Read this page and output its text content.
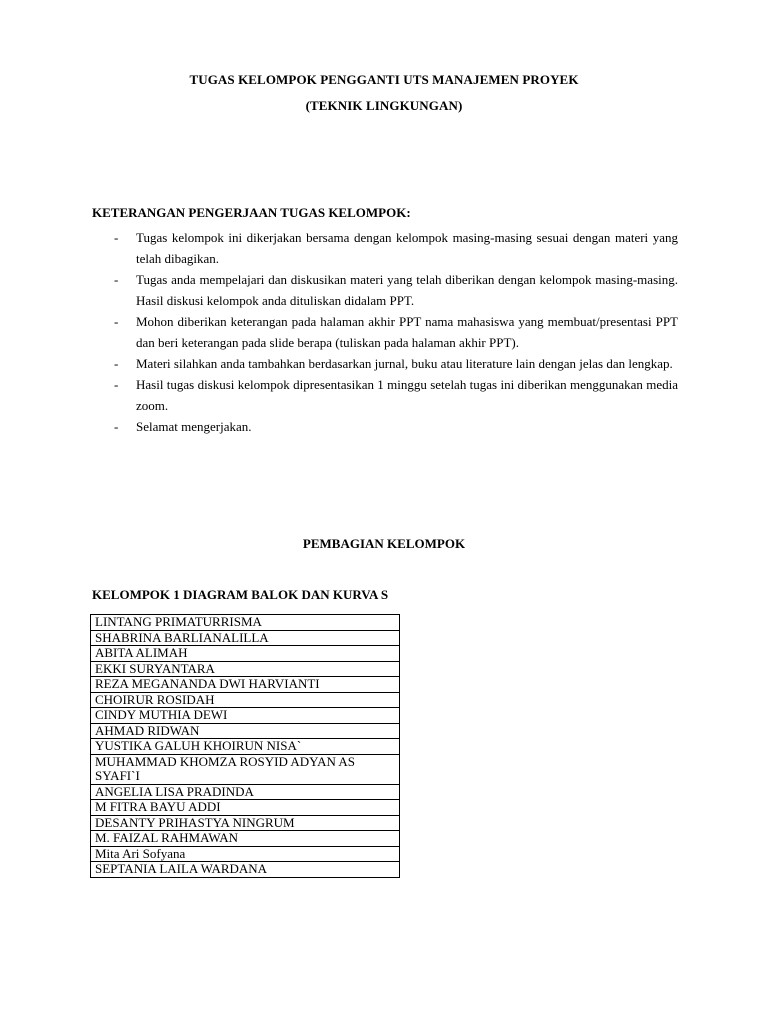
TUGAS KELOMPOK PENGGANTI UTS MANAJEMEN PROYEK
(TEKNIK LINGKUNGAN)
KETERANGAN PENGERJAAN TUGAS KELOMPOK:
- Tugas kelompok ini dikerjakan bersama dengan kelompok masing-masing sesuai dengan materi yang telah dibagikan.
- Tugas anda mempelajari dan diskusikan materi yang telah diberikan dengan kelompok masing-masing. Hasil diskusi kelompok anda dituliskan didalam PPT.
- Mohon diberikan keterangan pada halaman akhir PPT nama mahasiswa yang membuat/presentasi PPT dan beri keterangan pada slide berapa (tuliskan pada halaman akhir PPT).
- Materi silahkan anda tambahkan berdasarkan jurnal, buku atau literature lain dengan jelas dan lengkap.
- Hasil tugas diskusi kelompok dipresentasikan 1 minggu setelah tugas ini diberikan menggunakan media zoom.
- Selamat mengerjakan.
PEMBAGIAN KELOMPOK
KELOMPOK 1 DIAGRAM BALOK DAN KURVA S
LINTANG PRIMATURRISMA
SHABRINA BARLIANALILLA
ABITA ALIMAH
EKKI SURYANTARA
REZA MEGANANDA DWI HARVIANTI
CHOIRUR ROSIDAH
CINDY MUTHIA DEWI
AHMAD RIDWAN
YUSTIKA GALUH KHOIRUN NISA`
MUHAMMAD KHOMZA ROSYID ADYAN AS SYAFI`I
ANGELIA LISA PRADINDA
M FITRA BAYU ADDI
DESANTY PRIHASTYA NINGRUM
M. FAIZAL RAHMAWAN
Mita Ari Sofyana
SEPTANIA LAILA WARDANA
